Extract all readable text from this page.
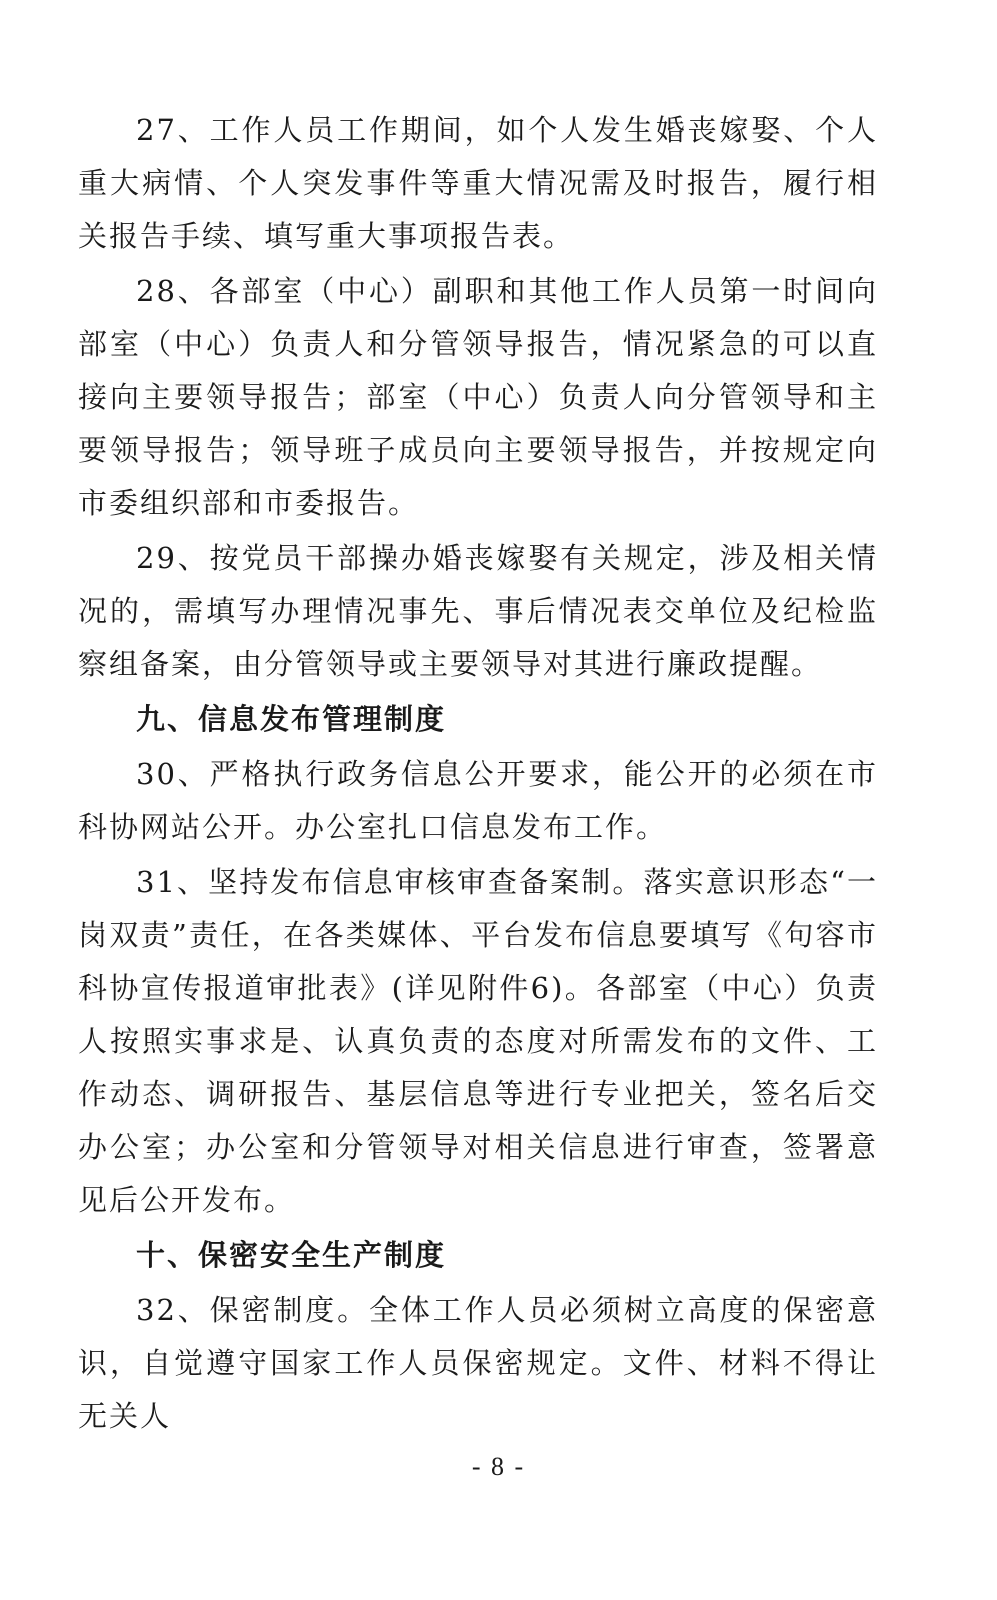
27、工作人员工作期间，如个人发生婚丧嫁娶、个人重大病情、个人突发事件等重大情况需及时报告，履行相关报告手续、填写重大事项报告表。

28、各部室（中心）副职和其他工作人员第一时间向部室（中心）负责人和分管领导报告，情况紧急的可以直接向主要领导报告；部室（中心）负责人向分管领导和主要领导报告；领导班子成员向主要领导报告，并按规定向市委组织部和市委报告。

29、按党员干部操办婚丧嫁娶有关规定，涉及相关情况的，需填写办理情况事先、事后情况表交单位及纪检监察组备案，由分管领导或主要领导对其进行廉政提醒。

九、信息发布管理制度

30、严格执行政务信息公开要求，能公开的必须在市科协网站公开。办公室扎口信息发布工作。

31、坚持发布信息审核审查备案制。落实意识形态“一岗双责”责任，在各类媒体、平台发布信息要填写《句容市科协宣传报道审批表》(详见附件6)。各部室（中心）负责人按照实事求是、认真负责的态度对所需发布的文件、工作动态、调研报告、基层信息等进行专业把关，签名后交办公室；办公室和分管领导对相关信息进行审查，签署意见后公开发布。

十、保密安全生产制度

32、保密制度。全体工作人员必须树立高度的保密意识，自觉遵守国家工作人员保密规定。文件、材料不得让无关人

- 8 -
